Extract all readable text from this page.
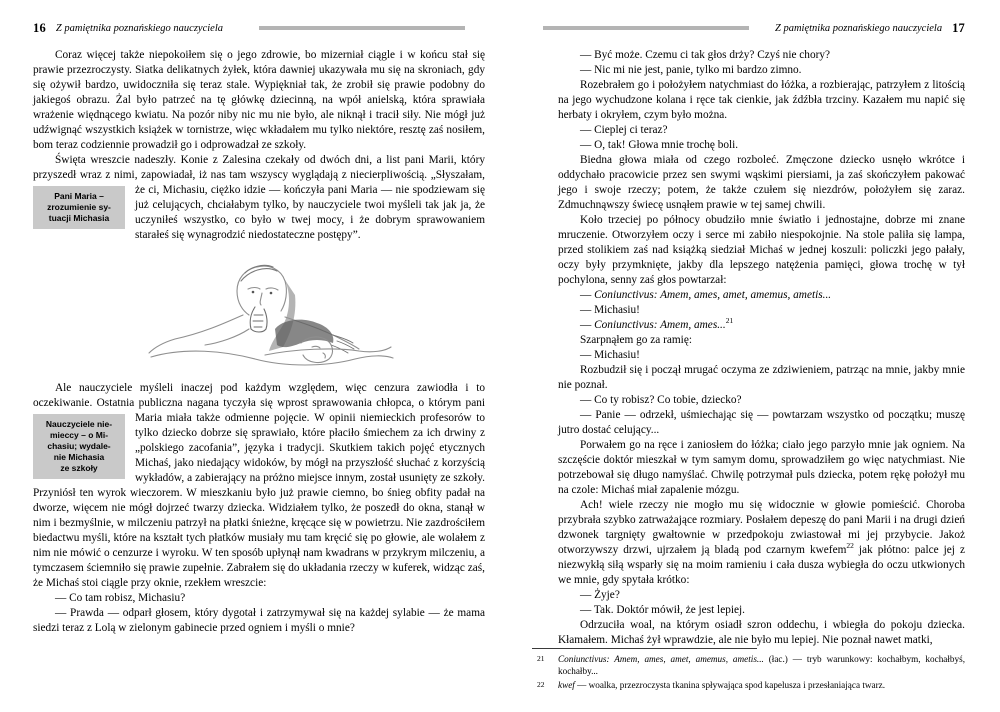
16 Z pamiętnika poznańskiego nauczyciela

Coraz więcej także niepokoiłem się o jego zdrowie, bo mizerniał ciągle i w końcu stał się prawie przezroczysty. Siatka delikatnych żyłek, która dawniej ukazywała mu się na skroniach, gdy się ożywił bardzo, uwidoczniła się teraz stale. Wypiękniał tak, że zrobił się prawie podobny do jakiegoś obrazu. Żal było patrzeć na tę główkę dziecinną, na wpół anielską, która sprawiała wrażenie więdnącego kwiatu. Na pozór niby nic mu nie było, ale niknął i tracił siły. Nie mógł już udźwignąć wszystkich książek w tornistrze, więc wkładałem mu tylko niektóre, resztę zaś nosiłem, bom teraz codziennie prowadził go i odprowadzał ze szkoły.

Święta wreszcie nadeszły. Konie z Zalesina czekały od dwóch dni, a list pani Marii, który przyszedł wraz z nimi, zapowiadał, iż nas tam wszyscy wyglądają z niecierpliwością.
Pani Maria –
zrozumienie sy-
tuacji Michasia
„Słyszałam, że ci, Michasiu, ciężko idzie — kończyła pani Maria — nie spodziewam się już celujących, chciałabym tylko, by nauczyciele twoi myśleli tak jak ja, że uczyniłeś wszystko, co było w twej mocy, i że dobrym sprawowaniem starałeś się wynagrodzić niedostateczne postępy”.

Ale nauczyciele myśleli inaczej pod każdym względem, więc cenzura zawiodła i to oczekiwanie. Ostatnia publiczna nagana tyczyła się wprost sprawowania chłopca, o którym pani Maria miała także odmienne pojęcie.
Nauczyciele nie-
mieccy – o Mi-
chasiu; wydale-
nie Michasia
ze szkoły
W opinii niemieckich profesorów to tylko dziecko dobrze się sprawiało, które płaciło śmiechem za ich drwiny z „polskiego zacofania”, języka i tradycji. Skutkiem takich pojęć etycznych Michaś, jako niedający widoków, by mógł na przyszłość słuchać z korzyścią wykładów, a zabierający na próżno miejsce innym, został usunięty ze szkoły. Przyniósł ten wyrok wieczorem. W mieszkaniu było już prawie ciemno, bo śnieg obfity padał na dworze, więcem nie mógł dojrzeć twarzy dziecka. Widziałem tylko, że poszedł do okna, stanął w nim i bezmyślnie, w milczeniu patrzył na płatki śnieżne, kręcące się w powietrzu. Nie zazdrościłem biedactwu myśli, które na kształt tych płatków musiały mu tam kręcić się po głowie, ale wolałem z nim nie mówić o cenzurze i wyroku. W ten sposób upłynął nam kwadrans w przykrym milczeniu, a tymczasem ściemniło się prawie zupełnie. Zabrałem się do układania rzeczy w kuferek, widząc zaś, że Michaś stoi ciągle przy oknie, rzekłem wreszcie:

— Co tam robisz, Michasiu?

— Prawda — odparł głosem, który dygotał i zatrzymywał się na każdej sylabie — że mama siedzi teraz z Lolą w zielonym gabinecie przed ogniem i myśli o mnie?

Z pamiętnika poznańskiego nauczyciela 17

— Być może. Czemu ci tak głos drży? Czyś nie chory?

— Nic mi nie jest, panie, tylko mi bardzo zimno.

Rozebrałem go i położyłem natychmiast do łóżka, a rozbierając, patrzyłem z litością na jego wychudzone kolana i ręce tak cienkie, jak źdźbła trzciny. Kazałem mu napić się herbaty i okryłem, czym było można.

— Cieplej ci teraz?

— O, tak! Głowa mnie trochę boli.

Biedna głowa miała od czego rozboleć. Zmęczone dziecko usnęło wkrótce i oddychało pracowicie przez sen swymi wąskimi piersiami, ja zaś skończyłem pakować jego i swoje rzeczy; potem, że także czułem się niezdrów, położyłem się zaraz. Zdmuchnąwszy świecę usnąłem prawie w tej samej chwili.

Koło trzeciej po północy obudziło mnie światło i jednostajne, dobrze mi znane mruczenie. Otworzyłem oczy i serce mi zabiło niespokojnie. Na stole paliła się lampa, przed stolikiem zaś nad książką siedział Michaś w jednej koszuli: policzki jego pałały, oczy były przymknięte, jakby dla lepszego natężenia pamięci, głowa trochę w tył pochylona, senny zaś głos powtarzał:

— Coniunctivus: Amem, ames, amet, amemus, ametis...

— Michasiu!

— Coniunctivus: Amem, ames...$^{21}$

Szarpnąłem go za ramię:

— Michasiu!

Rozbudził się i począł mrugać oczyma ze zdziwieniem, patrząc na mnie, jakby mnie nie poznał.

— Co ty robisz? Co tobie, dziecko?

— Panie — odrzekł, uśmiechając się — powtarzam wszystko od początku; muszę jutro dostać celujący...

Porwałem go na ręce i zaniosłem do łóżka; ciało jego parzyło mnie jak ogniem. Na szczęście doktór mieszkał w tym samym domu, sprowadziłem go więc natychmiast. Nie potrzebował się długo namyślać. Chwilę potrzymał puls dziecka, potem rękę położył mu na czole: Michaś miał zapalenie mózgu.

Ach! wiele rzeczy nie mogło mu się widocznie w głowie pomieścić. Choroba przybrała szybko zatrważające rozmiary. Posłałem depeszę do pani Marii i na drugi dzień dzwonek targnięty gwałtownie w przedpokoju zwiastował mi jej przybycie. Jakoż otworzywszy drzwi, ujrzałem ją bladą pod czarnym kwefem$^{22}$ jak płótno: palce jej z niezwykłą siłą wsparły się na moim ramieniu i cała dusza wybiegła do oczu utkwionych we mnie, gdy spytała krótko:

— Żyje?

— Tak. Doktór mówił, że jest lepiej.

Odrzuciła woal, na którym osiadł szron oddechu, i wbiegła do pokoju dziecka. Kłamałem. Michaś żył wprawdzie, ale nie było mu lepiej. Nie poznał nawet matki,

21 Coniunctivus: Amem, ames, amet, amemus, ametis... (łac.) — tryb warunkowy: kochałbym, kochałbyś, kochałby...
22 kwef — woalka, przezroczysta tkanina spływająca spod kapelusza i przesłaniająca twarz.
